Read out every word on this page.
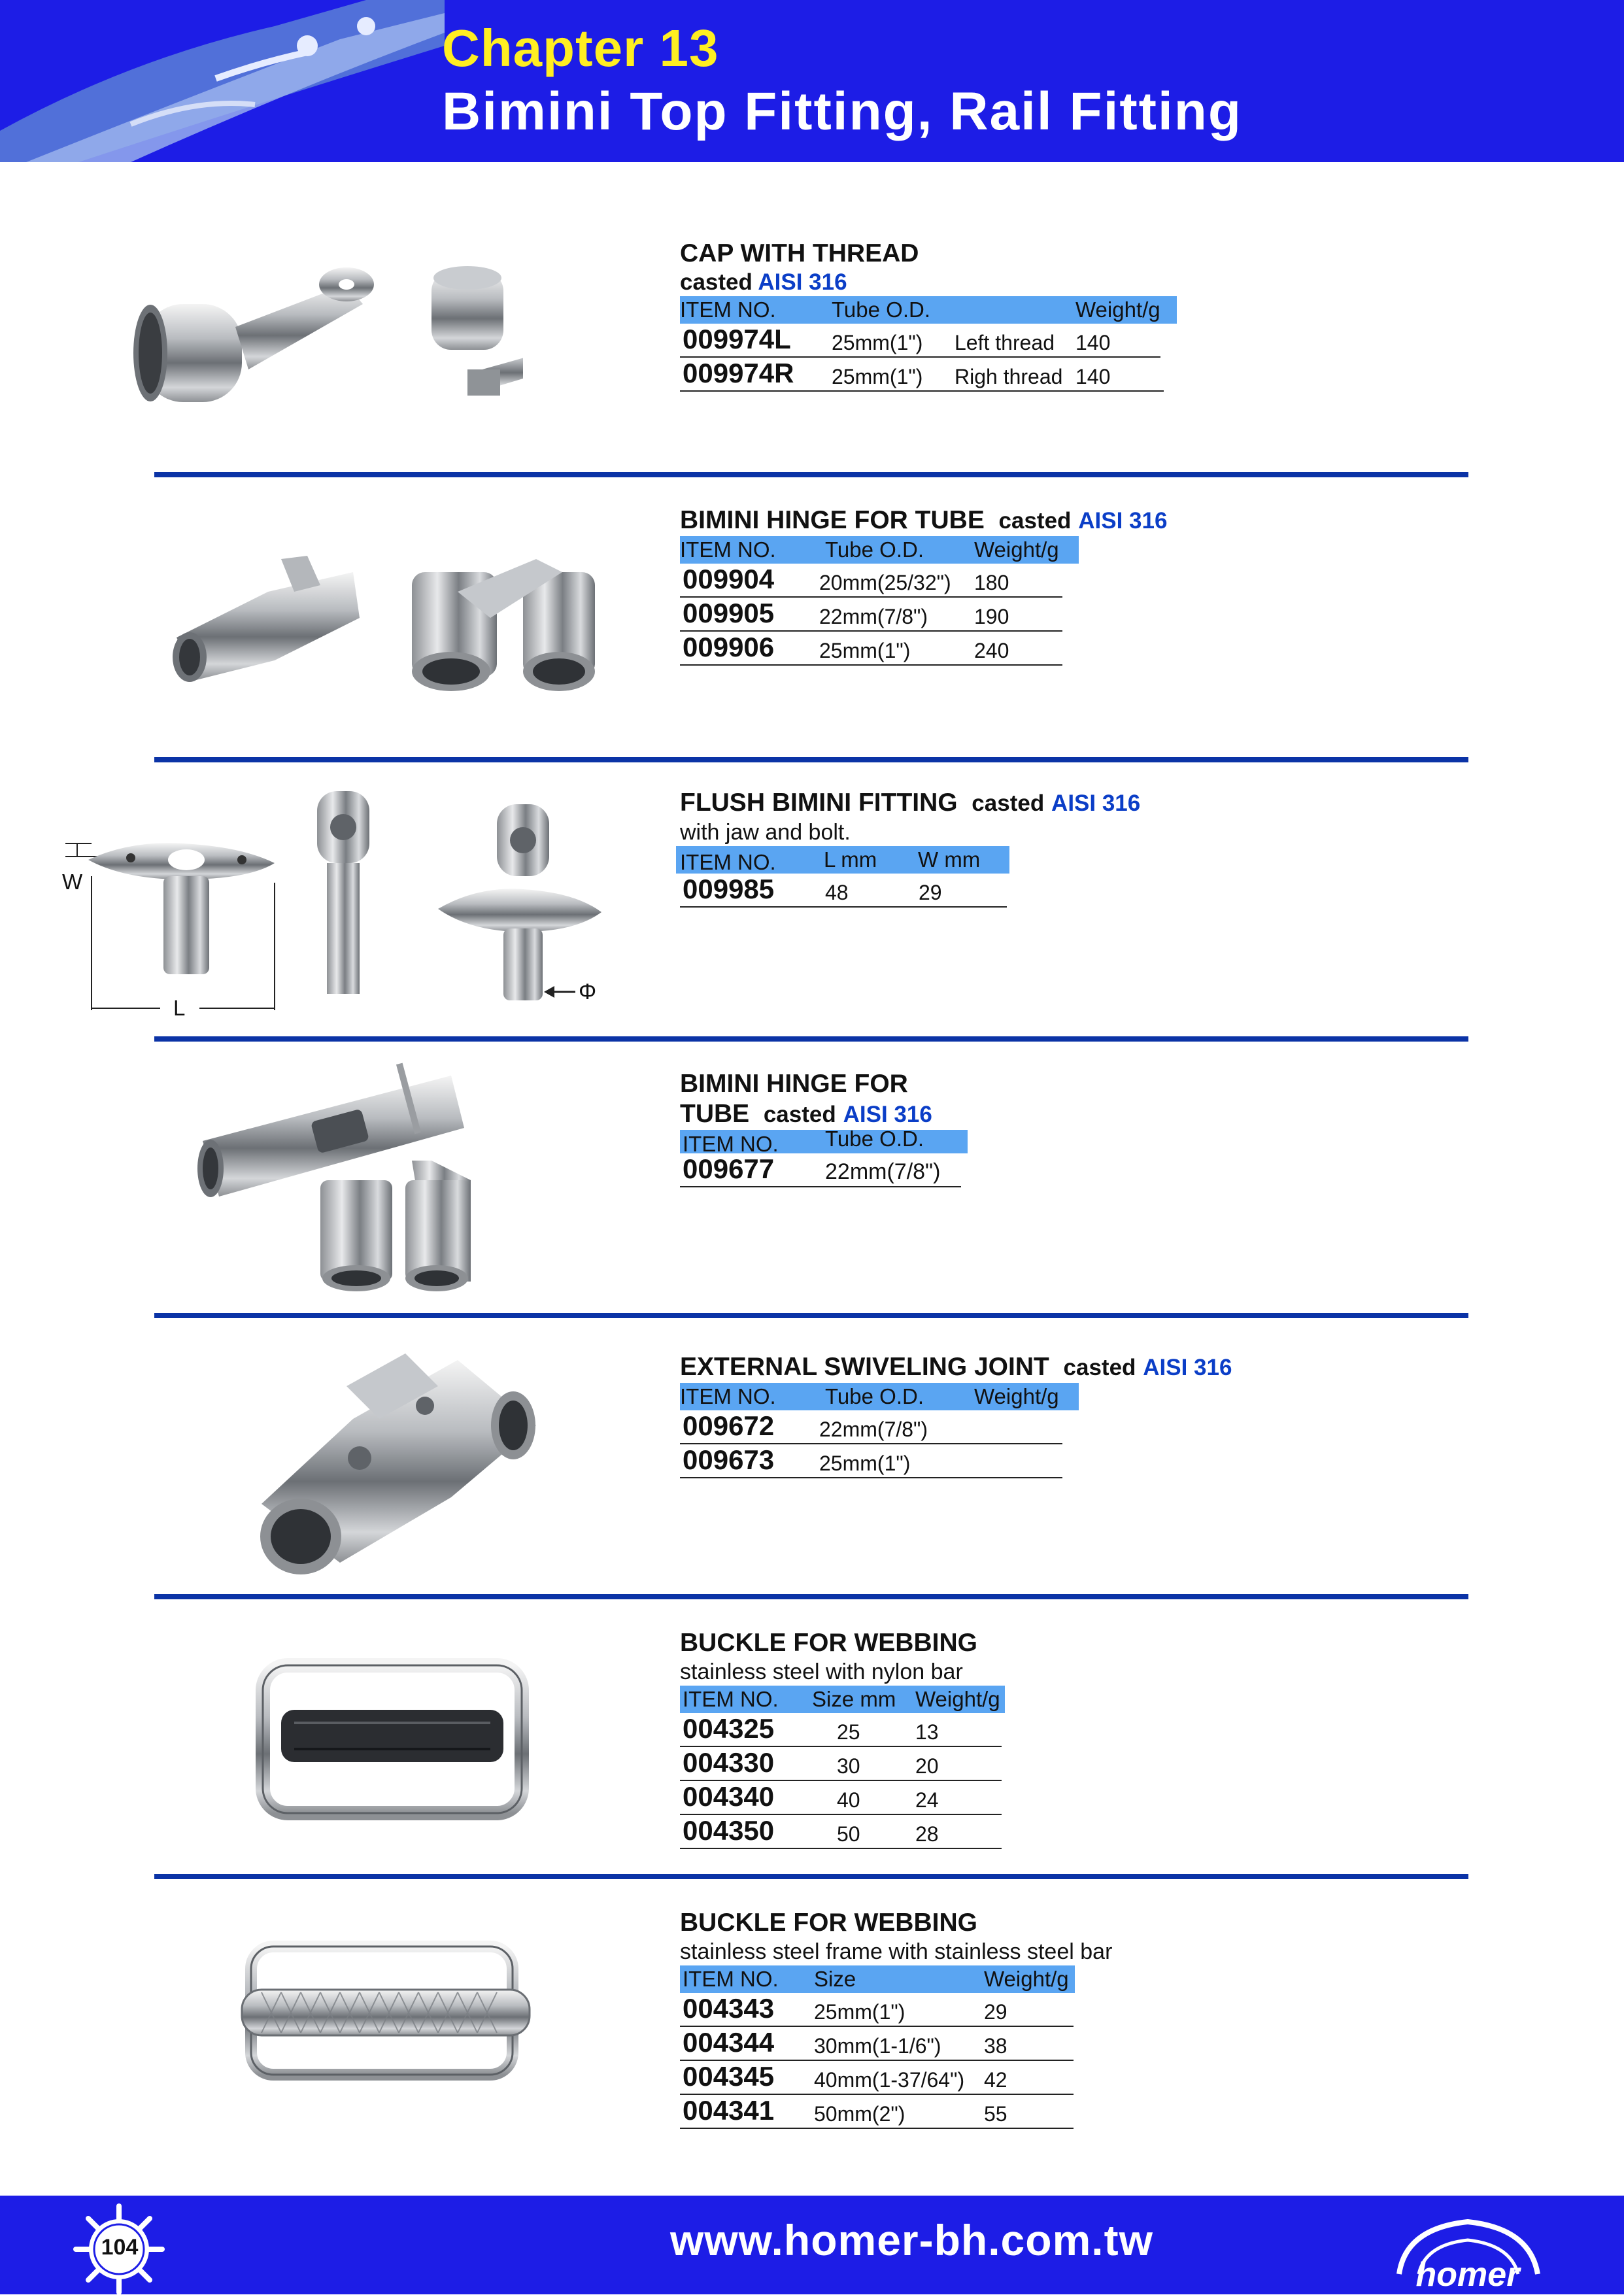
Chapter 13
Bimini Top Fitting, Rail Fitting
CAP WITH THREAD
casted AISI 316
ITEM NO.	Tube O.D.	Weight/g
009974L 25mm(1") Left thread 140
009974R 25mm(1") Righ thread 140
BIMINI HINGE FOR TUBE casted AISI 316
ITEM NO. Tube O.D. Weight/g
009904 20mm(25/32") 180
009905 22mm(7/8") 190
009906 25mm(1")	240
W
L
Φ
FLUSH BIMINI FITTING casted AISI 316
with jaw and bolt.
ITEM NO. L mm W mm
009985 48	29
BIMINI HINGE FOR
TUBE casted AISI 316
ITEM NO. Tube O.D.
009677 22mm(7/8")
EXTERNAL SWIVELING JOINT casted AISI 316
ITEM NO. Tube O.D. Weight/g
009672 22mm(7/8")
009673 25mm(1")
BUCKLE FOR WEBBING
stainless steel with nylon bar
ITEM NO. Size mm Weight/g
004325	25	13
004330	30	20
004340	40	24
004350	50	28
BUCKLE FOR WEBBING
stainless steel frame with stainless steel bar
ITEM NO. Size	Weight/g
004343 25mm(1")	29
004344 30mm(1-1/6") 38
004345 40mm(1-37/64") 42
004341 50mm(2")	55
104	www.homer-bh.com.tw
homer
